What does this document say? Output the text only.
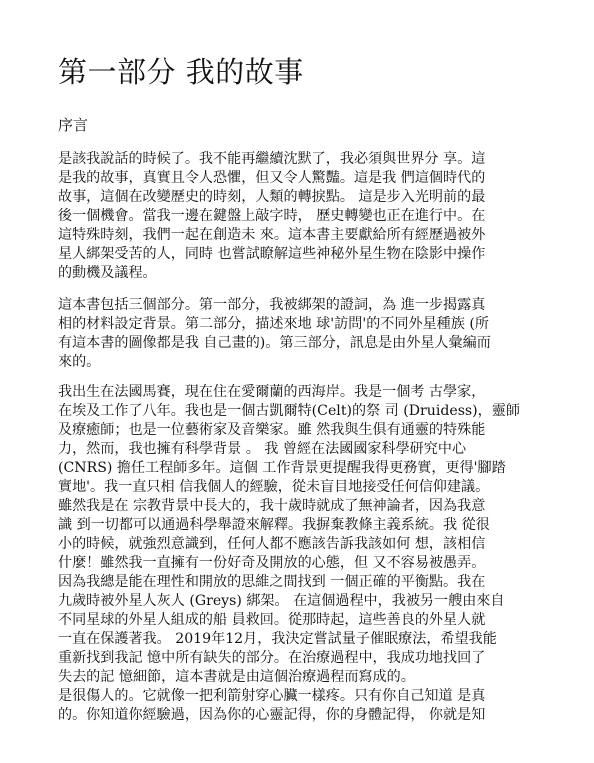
第一部分 我的故事
序言
是該我說話的時候了。我不能再繼續沈默了，我必須與世界分 享。這
是我的故事，真實且令人恐懼，但又令人驚豔。這是我 們這個時代的
故事，這個在改變歷史的時刻，人類的轉捩點。 這是步入光明前的最
後一個機會。當我一邊在鍵盤上敲字時， 歷史轉變也正在進行中。在
這特殊時刻，我們一起在創造未 來。這本書主要獻給所有經歷過被外
星人綁架受苦的人，同時 也嘗試瞭解這些神秘外星生物在陰影中操作
的動機及議程。
這本書包括三個部分。第一部分，我被綁架的證詞，為 進一步揭露真
相的材料設定背景。第二部分，描述來地 球'訪問'的不同外星種族 (所
有這本書的圖像都是我 自己畫的)。第三部分，訊息是由外星人彙編而
來的。
我出生在法國馬賽，現在住在愛爾蘭的西海岸。我是一個考 古學家，
在埃及工作了八年。我也是一個古凱爾特(Celt)的祭 司 (Druidess)，靈師
及療癒師；也是一位藝術家及音樂家。雖 然我與生俱有通靈的特殊能
力，然而，我也擁有科學背景 。 我 曾經在法國國家科學研究中心
(CNRS) 擔任工程師多年。這個 工作背景更提醒我得更務實，更得'腳踏
實地'。我一直只相 信我個人的經驗，從未盲目地接受任何信仰建議。
雖然我是在 宗教背景中長大的，我十歲時就成了無神論者，因為我意
識 到一切都可以通過科學舉證來解釋。我摒棄教條主義系統。我 從很
小的時候，就強烈意識到，任何人都不應該告訴我該如何 想，該相信
什麼！雖然我一直擁有一份好奇及開放的心態，但 又不容易被愚弄。
因為我總是能在理性和開放的思維之間找到 一個正確的平衡點。我在
九歲時被外星人灰人 (Greys) 綁架。 在這個過程中，我被另一艘由來自
不同星球的外星人組成的船 員救回。從那時起，這些善良的外星人就
一直在保護著我。 2019年12月，我決定嘗試量子催眠療法，希望我能
重新找到我記 憶中所有缺失的部分。在治療過程中，我成功地找回了
失去的記 憶細節，這本書就是由這個治療過程而寫成的。
是很傷人的。它就像一把利箭射穿心臟一樣疼。只有你自己知道 是真
的。你知道你經驗過，因為你的心靈記得，你的身體記得， 你就是知
